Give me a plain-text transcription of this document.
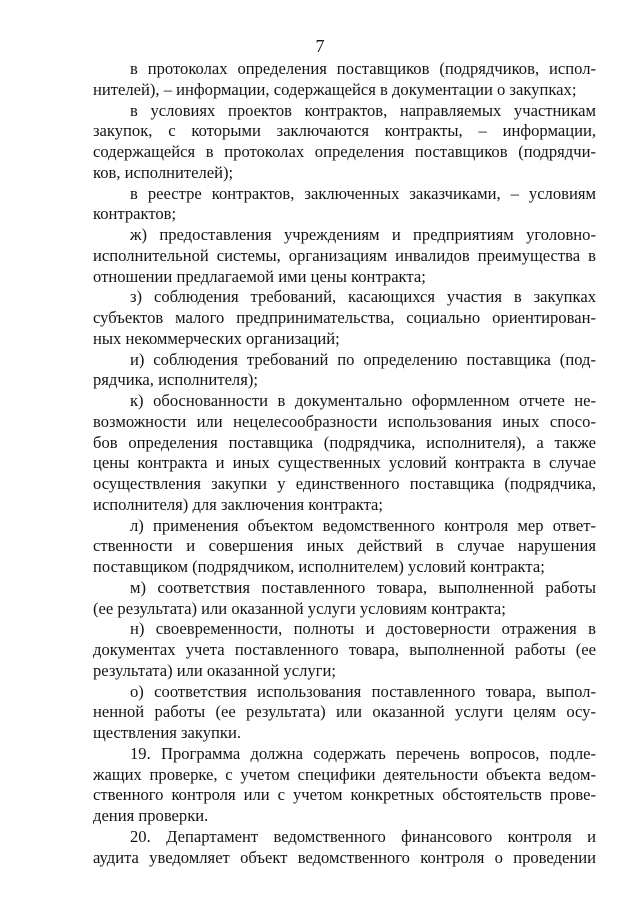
7
в протоколах определения поставщиков (подрядчиков, испол-
нителей), – информации, содержащейся в документации о закупках;
в условиях проектов контрактов, направляемых участникам
закупок, с которыми заключаются контракты, – информации,
содержащейся в протоколах определения поставщиков (подрядчи-
ков, исполнителей);
в реестре контрактов, заключенных заказчиками, – условиям
контрактов;
ж) предоставления учреждениям и предприятиям уголовно-
исполнительной системы, организациям инвалидов преимущества в
отношении предлагаемой ими цены контракта;
з) соблюдения требований, касающихся участия в закупках
субъектов малого предпринимательства, социально ориентирован-
ных некоммерческих организаций;
и) соблюдения требований по определению поставщика (под-
рядчика, исполнителя);
к) обоснованности в документально оформленном отчете не-
возможности или нецелесообразности использования иных спосо-
бов определения поставщика (подрядчика, исполнителя), а также
цены контракта и иных существенных условий контракта в случае
осуществления закупки у единственного поставщика (подрядчика,
исполнителя) для заключения контракта;
л) применения объектом ведомственного контроля мер ответ-
ственности и совершения иных действий в случае нарушения
поставщиком (подрядчиком, исполнителем) условий контракта;
м) соответствия поставленного товара, выполненной работы
(ее результата) или оказанной услуги условиям контракта;
н) своевременности, полноты и достоверности отражения в
документах учета поставленного товара, выполненной работы (ее
результата) или оказанной услуги;
о) соответствия использования поставленного товара, выпол-
ненной работы (ее результата) или оказанной услуги целям осу-
ществления закупки.
19. Программа должна содержать перечень вопросов, подле-
жащих проверке, с учетом специфики деятельности объекта ведом-
ственного контроля или с учетом конкретных обстоятельств прове-
дения проверки.
20. Департамент ведомственного финансового контроля и
аудита уведомляет объект ведомственного контроля о проведении
